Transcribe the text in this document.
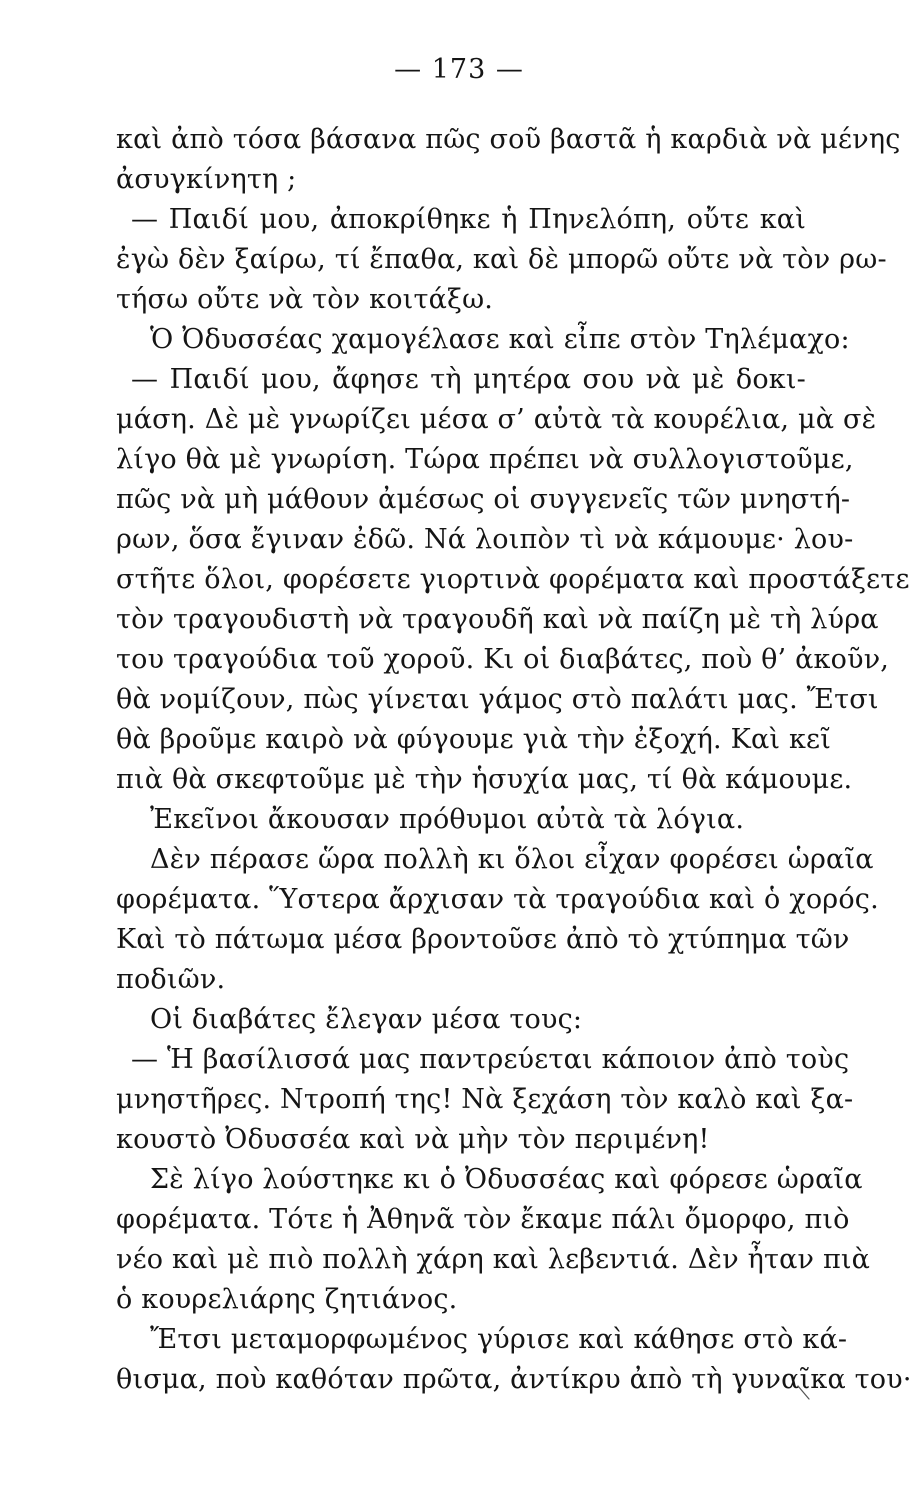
— 173 —
καὶ ἀπὸ τόσα βάσανα πῶς σοῦ βαστᾶ ἡ καρδιὰ νὰ μένης
ἀσυγκίνητη ;
— Παιδί μου, ἀποκρίθηκε ἡ Πηνελόπη, οὔτε καὶ
ἐγὼ δὲν ξαίρω, τί ἔπαθα, καὶ δὲ μπορῶ οὔτε νὰ τὸν ρω-
τήσω οὔτε νὰ τὸν κοιτάξω.
Ὁ Ὀδυσσέας χαμογέλασε καὶ εἶπε στὸν Τηλέμαχο:
— Παιδί μου, ἄφησε τὴ μητέρα σου νὰ μὲ δοκι-
μάση. Δὲ μὲ γνωρίζει μέσα σ’ αὐτὰ τὰ κουρέλια, μὰ σὲ
λίγο θὰ μὲ γνωρίση. Τώρα πρέπει νὰ συλλογιστοῦμε,
πῶς νὰ μὴ μάθουν ἀμέσως οἱ συγγενεῖς τῶν μνηστή-
ρων, ὅσα ἔγιναν ἐδῶ. Νά λοιπὸν τὶ νὰ κάμουμε· λου-
στῆτε ὅλοι, φορέσετε γιορτινὰ φορέματα καὶ προστάξετε
τὸν τραγουδιστὴ νὰ τραγουδῆ καὶ νὰ παίζη μὲ τὴ λύρα
του τραγούδια τοῦ χοροῦ. Κι οἱ διαβάτες, ποὺ θ’ ἀκοῦν,
θὰ νομίζουν, πὼς γίνεται γάμος στὸ παλάτι μας. Ἔτσι
θὰ βροῦμε καιρὸ νὰ φύγουμε γιὰ τὴν ἐξοχή. Καὶ κεῖ
πιὰ θὰ σκεφτοῦμε μὲ τὴν ἡσυχία μας, τί θὰ κάμουμε.
Ἐκεῖνοι ἄκουσαν πρόθυμοι αὐτὰ τὰ λόγια.
Δὲν πέρασε ὥρα πολλὴ κι ὅλοι εἶχαν φορέσει ὡραῖα
φορέματα. Ὕστερα ἄρχισαν τὰ τραγούδια καὶ ὁ χορός.
Καὶ τὸ πάτωμα μέσα βροντοῦσε ἀπὸ τὸ χτύπημα τῶν
ποδιῶν.
Οἱ διαβάτες ἔλεγαν μέσα τους:
— Ἡ βασίλισσά μας παντρεύεται κάποιον ἀπὸ τοὺς
μνηστῆρες. Ντροπή της! Νὰ ξεχάση τὸν καλὸ καὶ ξα-
κουστὸ Ὀδυσσέα καὶ νὰ μὴν τὸν περιμένη!
Σὲ λίγο λούστηκε κι ὁ Ὀδυσσέας καὶ φόρεσε ὡραῖα
φορέματα. Τότε ἡ Ἀθηνᾶ τὸν ἔκαμε πάλι ὄμορφο, πιὸ
νέο καὶ μὲ πιὸ πολλὴ χάρη καὶ λεβεντιά. Δὲν ἦταν πιὰ
ὁ κουρελιάρης ζητιάνος.
Ἔτσι μεταμορφωμένος γύρισε καὶ κάθησε στὸ κά-
θισμα, ποὺ καθόταν πρῶτα, ἀντίκρυ ἀπὸ τὴ γυναῖκα του·
